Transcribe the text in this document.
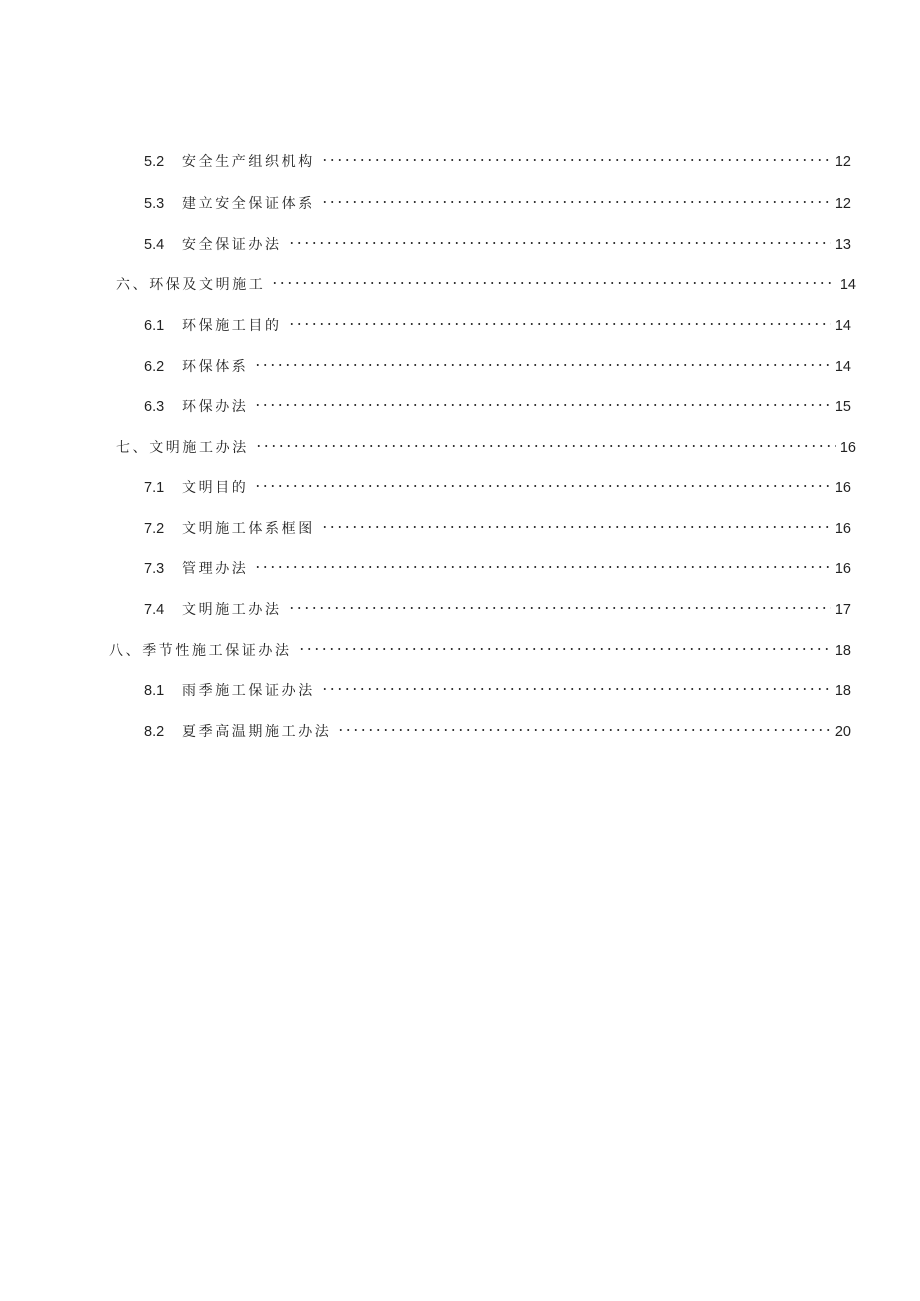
5.2	安全生产组织机构	12
5.3	建立安全保证体系	12
5.4	安全保证办法	13
六、环保及文明施工	14
6.1	环保施工目的	14
6.2	环保体系	14
6.3	环保办法	15
七、文明施工办法	16
7.1	文明目的	16
7.2	文明施工体系框图	16
7.3	管理办法	16
7.4	文明施工办法	17
八、季节性施工保证办法	18
8.1	雨季施工保证办法	18
8.2	夏季高温期施工办法	20
